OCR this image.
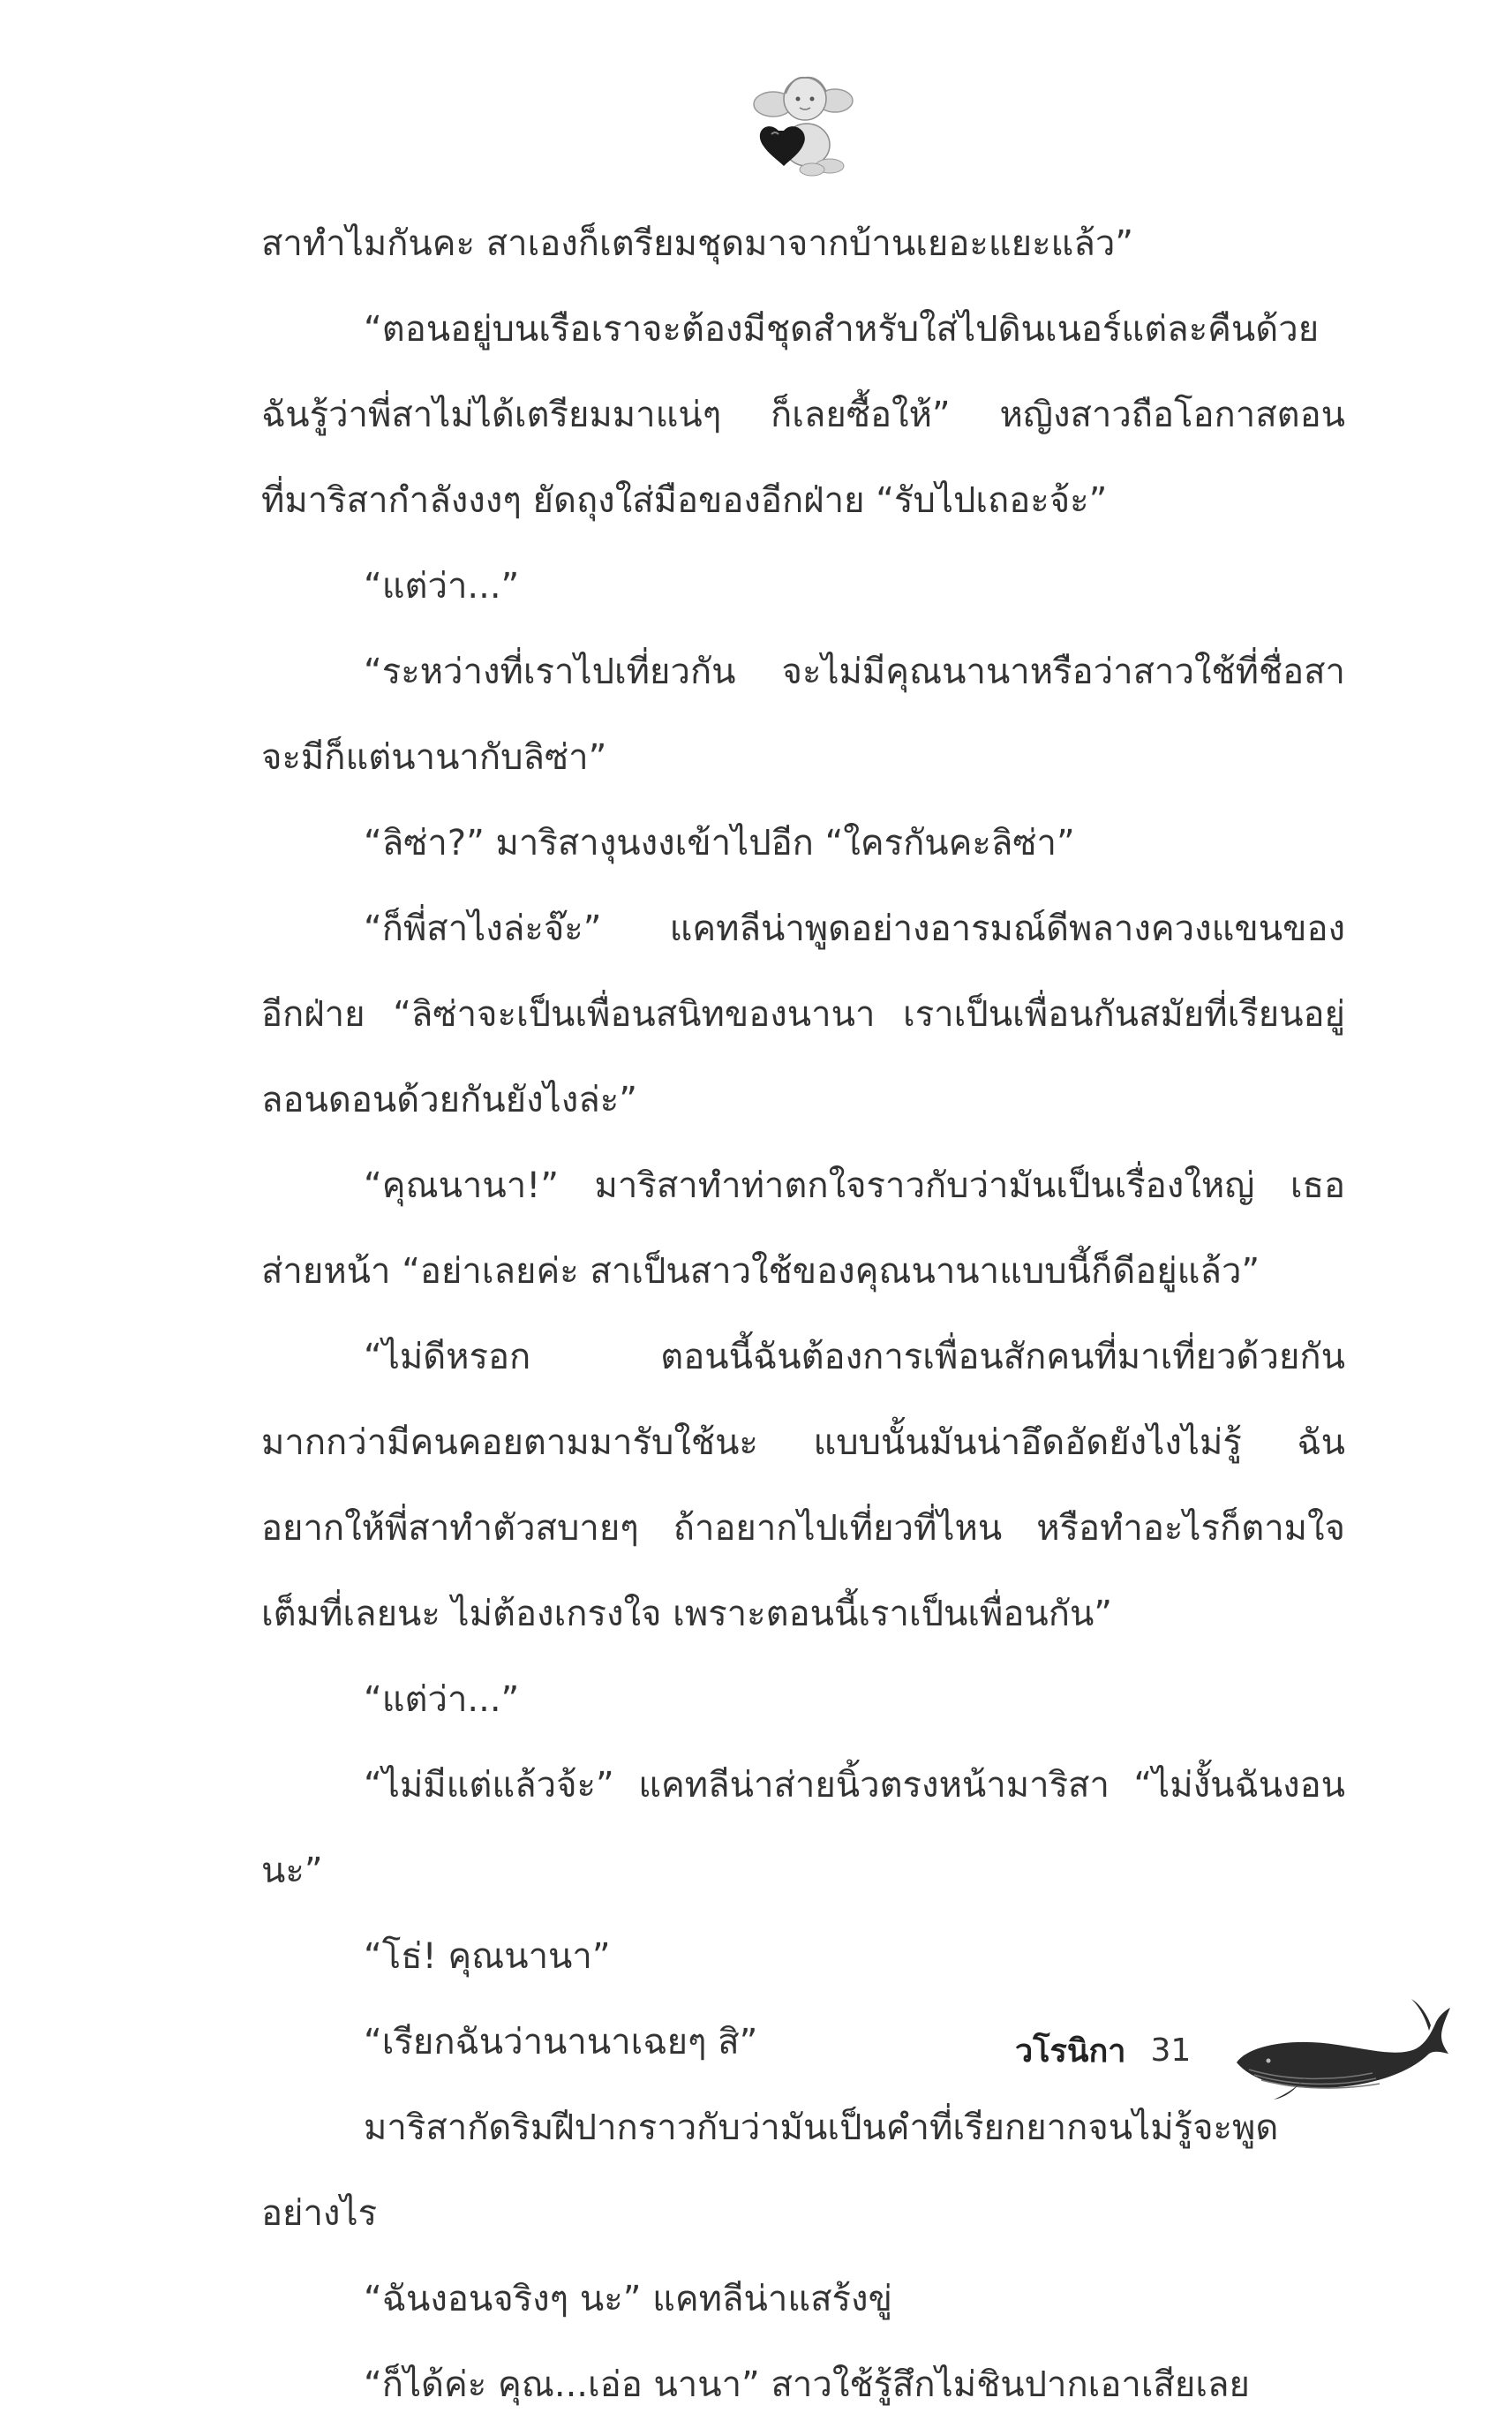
สาทำไมกันคะ สาเองก็เตรียมชุดมาจากบ้านเยอะแยะแล้ว”
“ตอนอยู่บนเรือเราจะต้องมีชุดสำหรับใส่ไปดินเนอร์แต่ละคืนด้วย
ฉันรู้ว่าพี่สาไม่ได้เตรียมมาแน่ๆ ก็เลยซื้อให้” หญิงสาวถือโอกาสตอน
ที่มาริสากำลังงงๆ ยัดถุงใส่มือของอีกฝ่าย “รับไปเถอะจ้ะ”
“แต่ว่า...”
“ระหว่างที่เราไปเที่ยวกัน จะไม่มีคุณนานาหรือว่าสาวใช้ที่ชื่อสา
จะมีก็แต่นานากับลิซ่า”
“ลิซ่า?” มาริสางุนงงเข้าไปอีก “ใครกันคะลิซ่า”
“ก็พี่สาไงล่ะจ๊ะ” แคทลีน่าพูดอย่างอารมณ์ดีพลางควงแขนของ
อีกฝ่าย “ลิซ่าจะเป็นเพื่อนสนิทของนานา เราเป็นเพื่อนกันสมัยที่เรียนอยู่
ลอนดอนด้วยกันยังไงล่ะ”
“คุณนานา!” มาริสาทำท่าตกใจราวกับว่ามันเป็นเรื่องใหญ่ เธอ
ส่ายหน้า “อย่าเลยค่ะ สาเป็นสาวใช้ของคุณนานาแบบนี้ก็ดีอยู่แล้ว”
“ไม่ดีหรอก ตอนนี้ฉันต้องการเพื่อนสักคนที่มาเที่ยวด้วยกัน
มากกว่ามีคนคอยตามมารับใช้นะ แบบนั้นมันน่าอึดอัดยังไงไม่รู้ ฉัน
อยากให้พี่สาทำตัวสบายๆ ถ้าอยากไปเที่ยวที่ไหน หรือทำอะไรก็ตามใจ
เต็มที่เลยนะ ไม่ต้องเกรงใจ เพราะตอนนี้เราเป็นเพื่อนกัน”
“แต่ว่า...”
“ไม่มีแต่แล้วจ้ะ” แคทลีน่าส่ายนิ้วตรงหน้ามาริสา “ไม่งั้นฉันงอน
นะ”
“โธ่! คุณนานา”
“เรียกฉันว่านานาเฉยๆ สิ”
มาริสากัดริมฝีปากราวกับว่ามันเป็นคำที่เรียกยากจนไม่รู้จะพูด
อย่างไร
“ฉันงอนจริงๆ นะ” แคทลีน่าแสร้งขู่
“ก็ได้ค่ะ คุณ...เอ่อ นานา” สาวใช้รู้สึกไม่ชินปากเอาเสียเลย
วโรนิกา 31
